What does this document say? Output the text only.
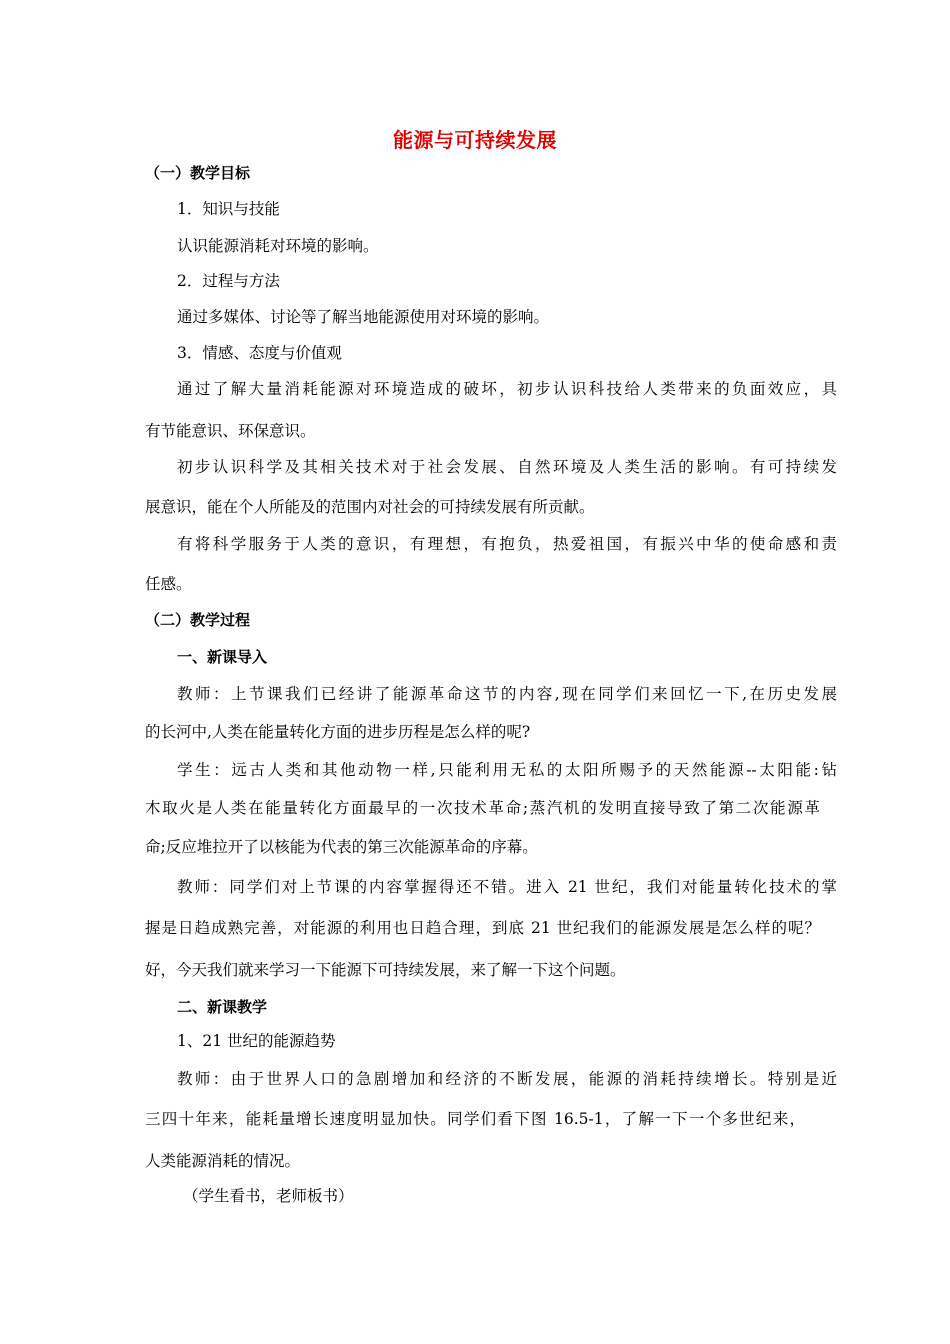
能源与可持续发展
（一）教学目标
1．知识与技能
认识能源消耗对环境的影响。
2．过程与方法
通过多媒体、讨论等了解当地能源使用对环境的影响。
3．情感、态度与价值观
通过了解大量消耗能源对环境造成的破坏，初步认识科技给人类带来的负面效应，具
有节能意识、环保意识。
初步认识科学及其相关技术对于社会发展、自然环境及人类生活的影响。有可持续发
展意识，能在个人所能及的范围内对社会的可持续发展有所贡献。
有将科学服务于人类的意识，有理想，有抱负，热爱祖国，有振兴中华的使命感和责
任感。
（二）教学过程
一、新课导入
教师：上节课我们已经讲了能源革命这节的内容,现在同学们来回忆一下,在历史发展
的长河中,人类在能量转化方面的进步历程是怎么样的呢?
学生：远古人类和其他动物一样,只能利用无私的太阳所赐予的天然能源--太阳能:钻
木取火是人类在能量转化方面最早的一次技术革命;蒸汽机的发明直接导致了第二次能源革
命;反应堆拉开了以核能为代表的第三次能源革命的序幕。
教师：同学们对上节课的内容掌握得还不错。进入 21 世纪，我们对能量转化技术的掌
握是日趋成熟完善，对能源的利用也日趋合理，到底 21 世纪我们的能源发展是怎么样的呢？
好，今天我们就来学习一下能源下可持续发展，来了解一下这个问题。
二、新课教学
1、21 世纪的能源趋势
教师：由于世界人口的急剧增加和经济的不断发展，能源的消耗持续增长。特别是近
三四十年来，能耗量增长速度明显加快。同学们看下图 16.5-1，了解一下一个多世纪来，
人类能源消耗的情况。
（学生看书，老师板书）
